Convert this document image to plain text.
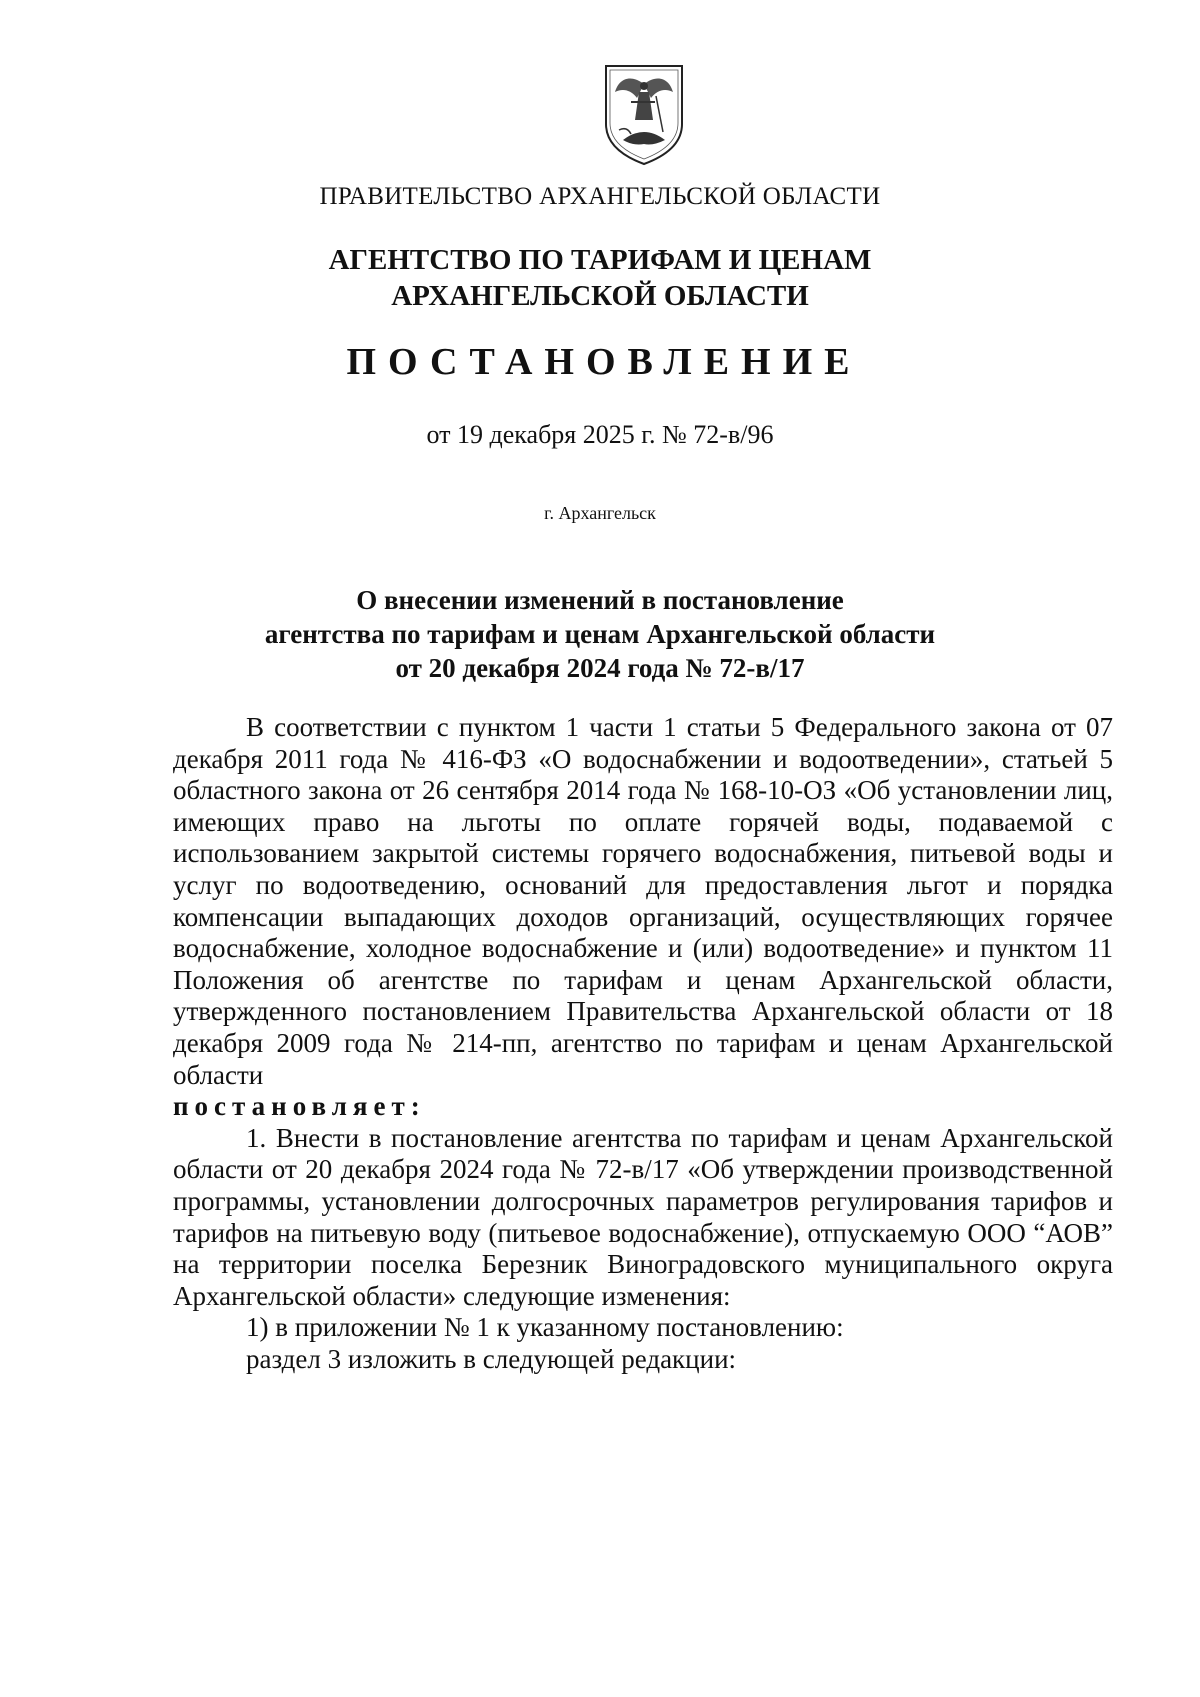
ПРАВИТЕЛЬСТВО АРХАНГЕЛЬСКОЙ ОБЛАСТИ
АГЕНТСТВО ПО ТАРИФАМ И ЦЕНАМ
АРХАНГЕЛЬСКОЙ ОБЛАСТИ
ПОСТАНОВЛЕНИЕ
от 19 декабря 2025 г. № 72-в/96
г. Архангельск
О внесении изменений в постановление
агентства по тарифам и ценам Архангельской области
от 20 декабря 2024 года № 72-в/17

В соответствии с пунктом 1 части 1 статьи 5 Федерального закона от 07 декабря 2011 года № 416-ФЗ «О водоснабжении и водоотведении», статьей 5 областного закона от 26 сентября 2014 года № 168-10-ОЗ «Об установлении лиц, имеющих право на льготы по оплате горячей воды, подаваемой с использованием закрытой системы горячего водоснабжения, питьевой воды и услуг по водоотведению, оснований для предоставления льгот и порядка компенсации выпадающих доходов организаций, осуществляющих горячее водоснабжение, холодное водоснабжение и (или) водоотведение» и пунктом 11 Положения об агентстве по тарифам и ценам Архангельской области, утвержденного постановлением Правительства Архангельской области от 18 декабря 2009 года № 214-пп, агентство по тарифам и ценам Архангельской области

постановляет:

1. Внести в постановление агентства по тарифам и ценам Архангельской области от 20 декабря 2024 года № 72-в/17 «Об утверждении производственной программы, установлении долгосрочных параметров регулирования тарифов и тарифов на питьевую воду (питьевое водоснабжение), отпускаемую ООО “АОВ” на территории поселка Березник Виноградовского муниципального округа Архангельской области» следующие изменения:

1) в приложении № 1 к указанному постановлению:

раздел 3 изложить в следующей редакции:
